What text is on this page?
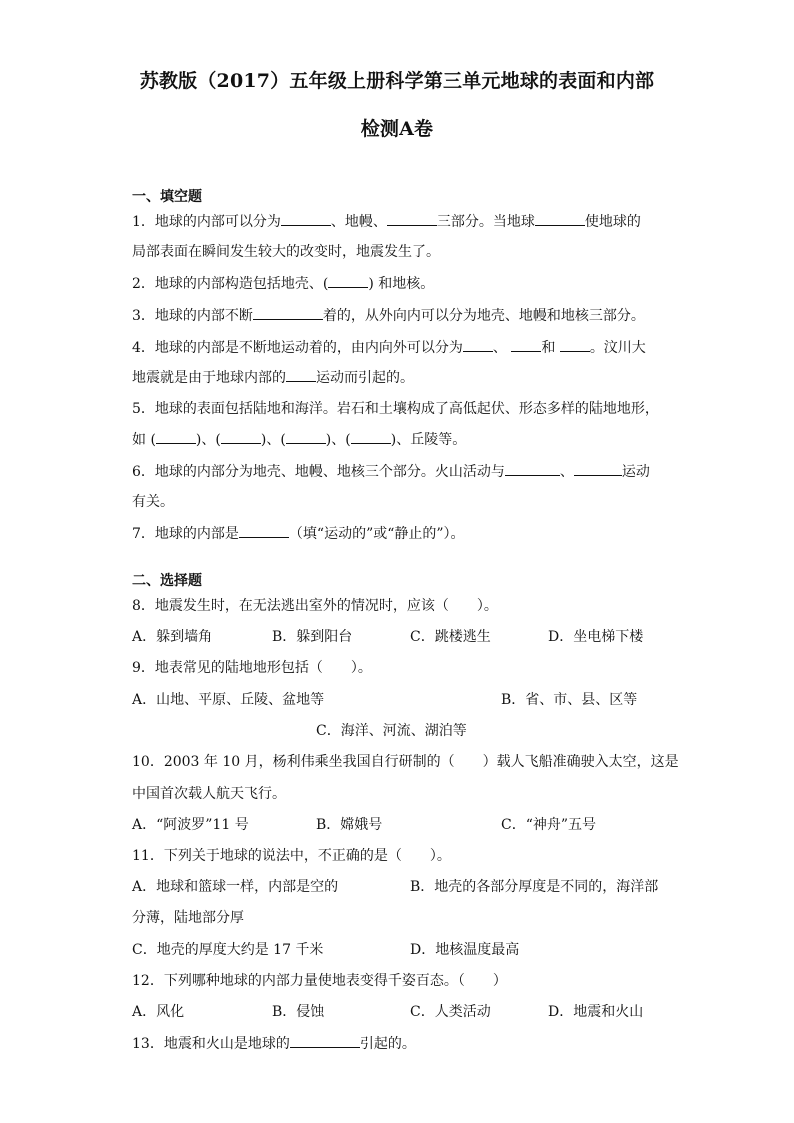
苏教版（2017）五年级上册科学第三单元地球的表面和内部
检测A卷
一、填空题
1．地球的内部可以分为	、地幔、	三部分。当地球	使地球的
局部表面在瞬间发生较大的改变时，地震发生了。
2．地球的内部构造包括地壳、(	) 和地核。
3．地球的内部不断	着的，从外向内可以分为地壳、地幔和地核三部分。
4．地球的内部是不断地运动着的，由内向外可以分为 、 和 。汶川大
地震就是由于地球内部的 运动而引起的。
5．地球的表面包括陆地和海洋。岩石和土壤构成了高低起伏、形态多样的陆地地形，
如 (	)、(	)、(	)、(	)、丘陵等。
6．地球的内部分为地壳、地幔、地核三个部分。火山活动与	、	运动
有关。
7．地球的内部是	（填“运动的”或“静止的”）。
二、选择题
8．地震发生时，在无法逃出室外的情况时，应该（　　）。
A．躲到墙角	B．躲到阳台	C．跳楼逃生	D．坐电梯下楼
9．地表常见的陆地地形包括（　　）。
A．山地、平原、丘陵、盆地等	B．省、市、县、区等
C．海洋、河流、湖泊等
10．2003 年 10 月，杨利伟乘坐我国自行研制的（　　）载人飞船准确驶入太空，这是
中国首次载人航天飞行。
A．“阿波罗”11 号	B．嫦娥号	C．“神舟”五号
11．下列关于地球的说法中，不正确的是（　　）。
A．地球和篮球一样，内部是空的	B．地壳的各部分厚度是不同的，海洋部
分薄，陆地部分厚
C．地壳的厚度大约是 17 千米	D．地核温度最高
12．下列哪种地球的内部力量使地表变得千姿百态。（　　）
A．风化	B．侵蚀	C．人类活动	D．地震和火山
13．地震和火山是地球的	引起的。
